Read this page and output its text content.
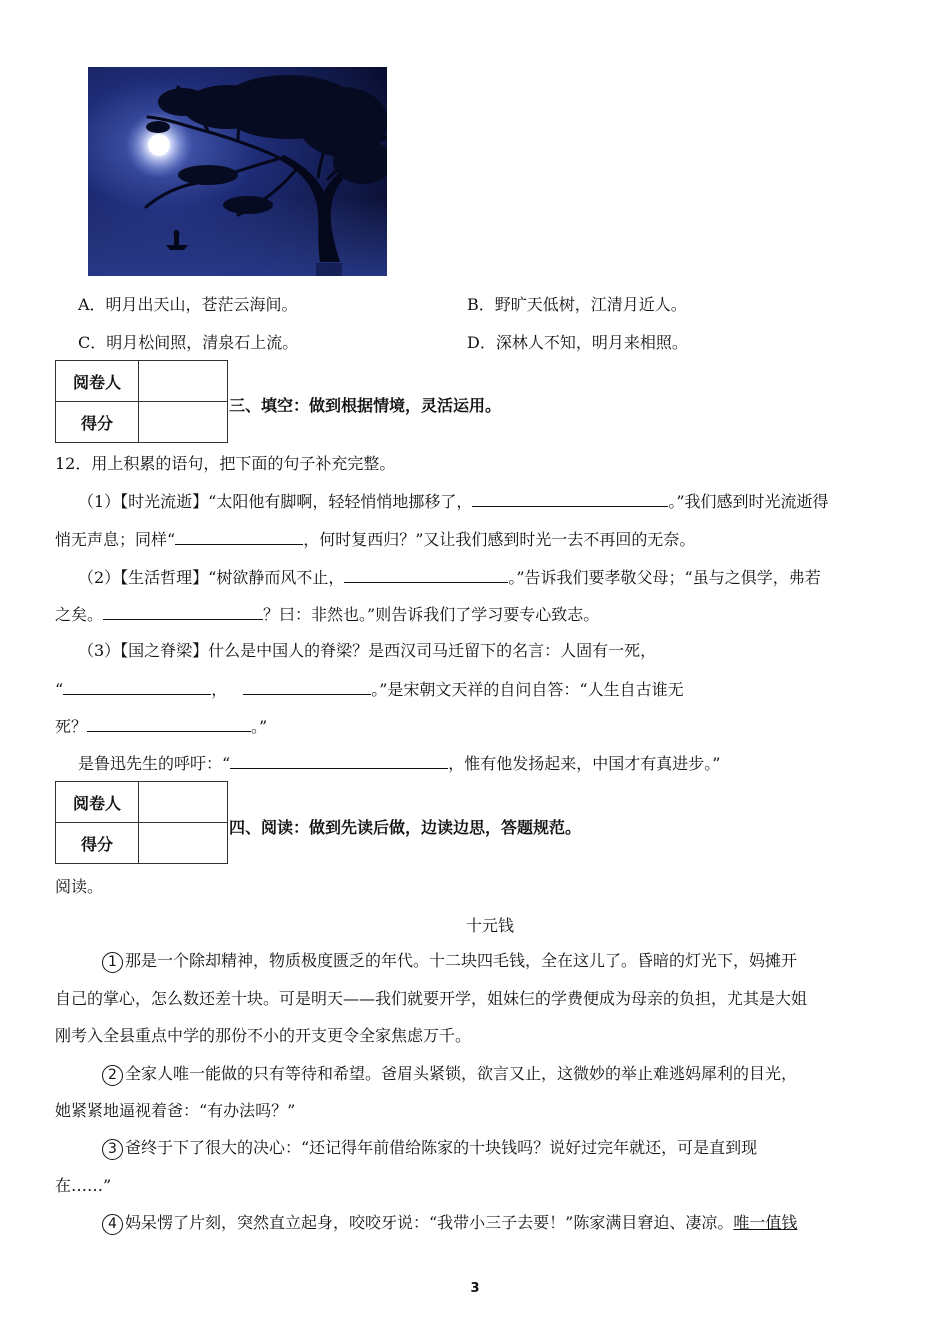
A．明月出天山，苍茫云海间。	B．野旷天低树，江清月近人。
C．明月松间照，清泉石上流。	D．深林人不知，明月来相照。
阅卷人	
得分	
三、填空：做到根据情境，灵活运用。
12．用上积累的语句，把下面的句子补充完整。
（1）【时光流逝】“太阳他有脚啊，轻轻悄悄地挪移了，	。”我们感到时光流逝得
悄无声息；同样“	，何时复西归？”又让我们感到时光一去不再回的无奈。
（2）【生活哲理】“树欲静而风不止，	。”告诉我们要孝敬父母；“虽与之俱学，弗若
之矣。	？曰：非然也。”则告诉我们了学习要专心致志。
（3）【国之脊梁】什么是中国人的脊梁？是西汉司马迁留下的名言：人固有一死，
“	，	。”是宋朝文天祥的自问自答：“人生自古谁无
死？	。”
是鲁迅先生的呼吁：“	，惟有他发扬起来，中国才有真进步。”
阅卷人	
得分	
四、阅读：做到先读后做，边读边思，答题规范。
阅读。
十元钱
1 那是一个除却精神，物质极度匮乏的年代。十二块四毛钱，全在这儿了。昏暗的灯光下，妈摊开
自己的掌心，怎么数还差十块。可是明天——我们就要开学，姐妹仨的学费便成为母亲的负担，尤其是大姐
刚考入全县重点中学的那份不小的开支更令全家焦虑万千。
2 全家人唯一能做的只有等待和希望。爸眉头紧锁，欲言又止，这微妙的举止难逃妈犀利的目光，
她紧紧地逼视着爸：“有办法吗？”
3 爸终于下了很大的决心：“还记得年前借给陈家的十块钱吗？说好过完年就还，可是直到现
在……”
4 妈呆愣了片刻，突然直立起身，咬咬牙说：“我带小三子去要！”陈家满目窘迫、凄凉。唯一值钱
3
